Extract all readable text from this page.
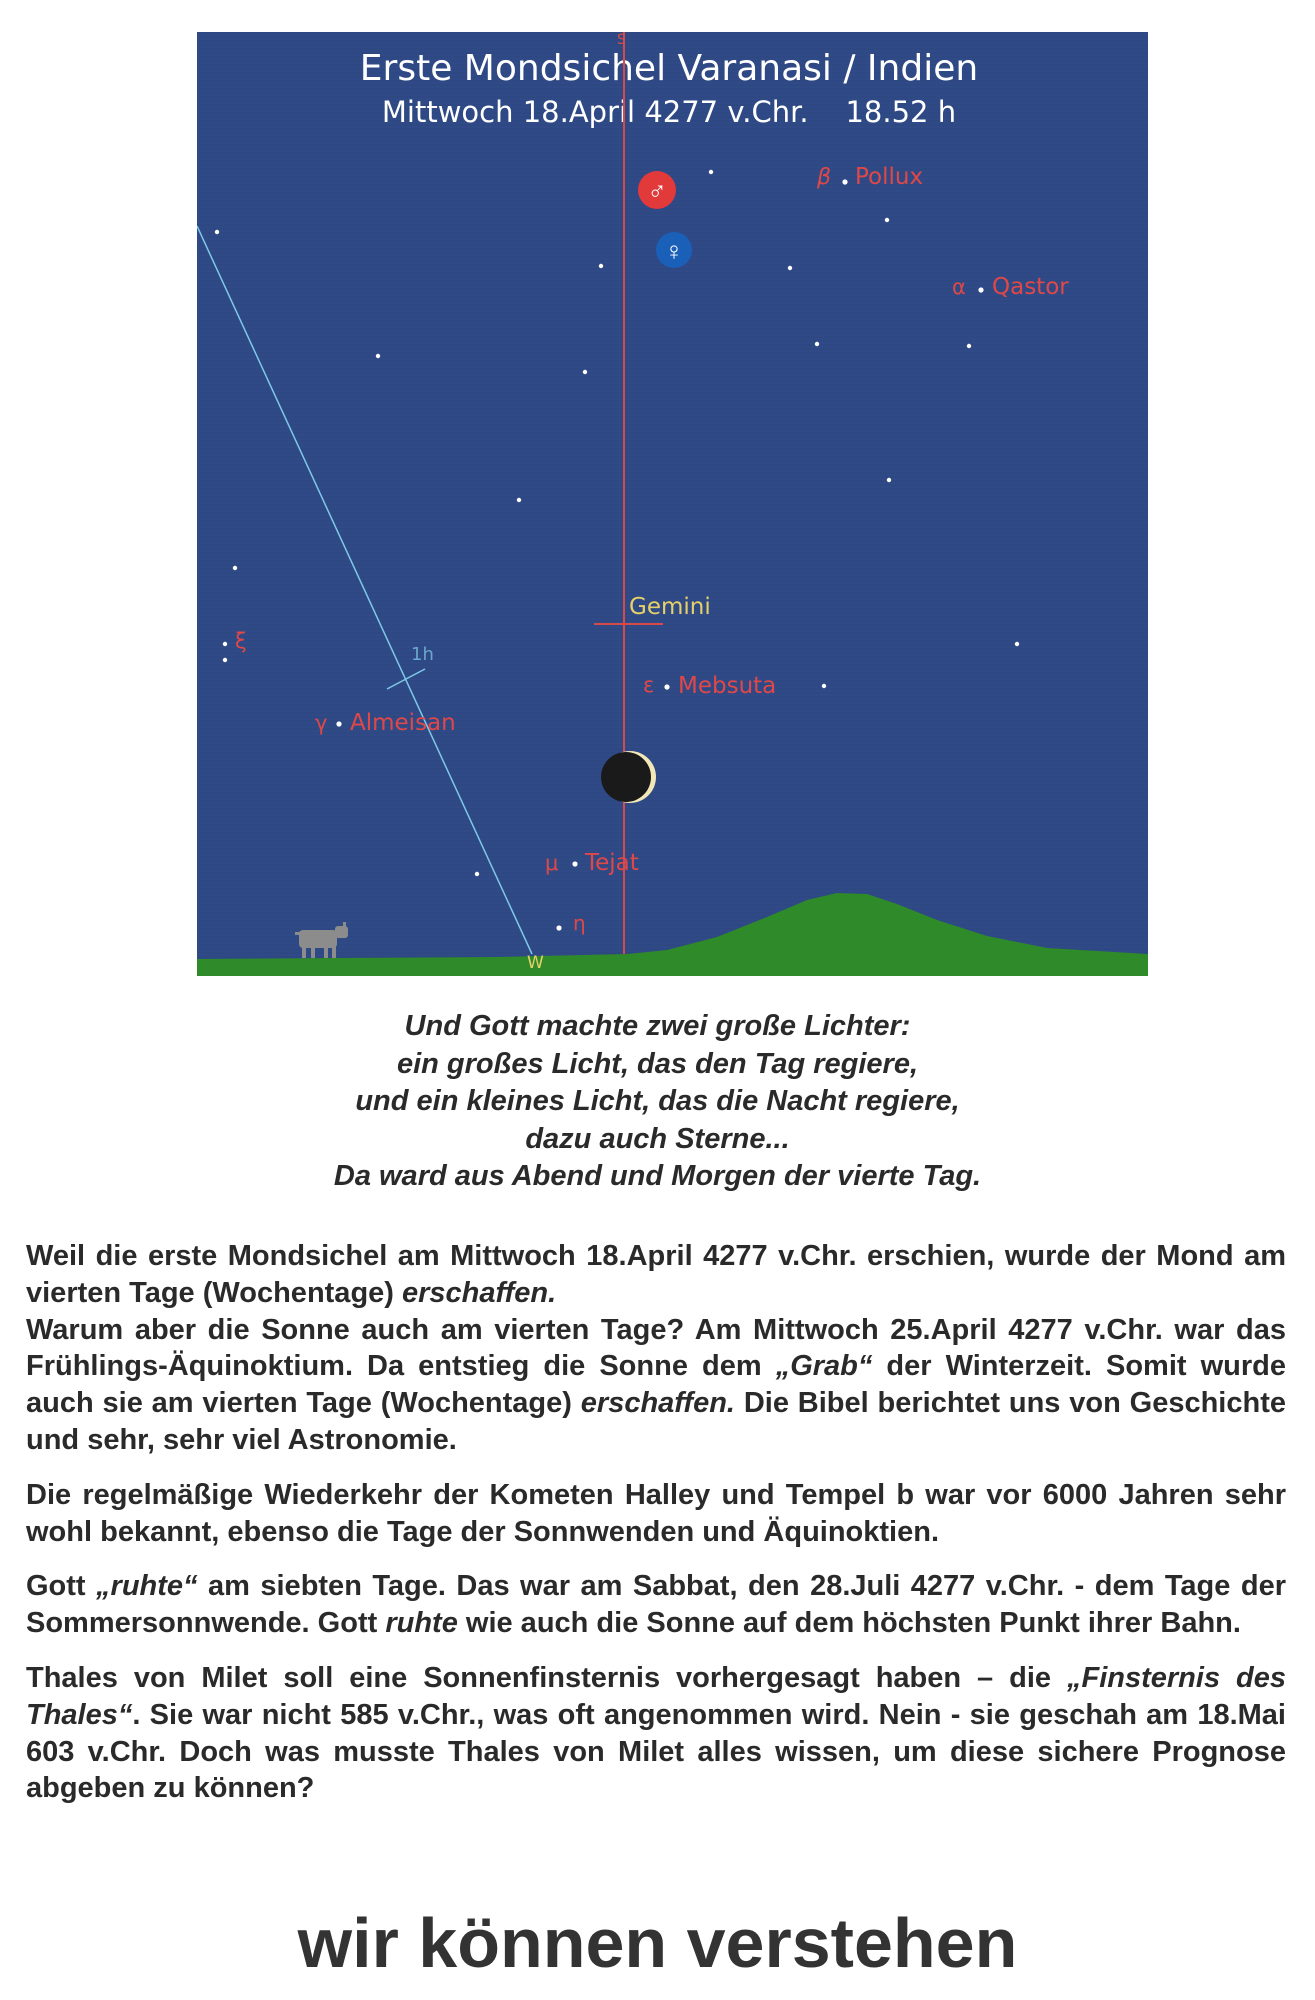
Erste Mondsichel Varanasi / Indien
Mittwoch 18.April 4277 v.Chr.    18.52 h
S
1h
Gemini
♂
♀
β Pollux
α Qastor
ε Mebsuta
ξ
γ Almeisan
μ Tejat
η
W
Und Gott machte zwei große Lichter:
ein großes Licht, das den Tag regiere,
und ein kleines Licht, das die Nacht regiere,
dazu auch Sterne...
Da ward aus Abend und Morgen der vierte Tag.

Weil die erste Mondsichel am Mittwoch 18.April 4277 v.Chr. erschien, wurde der Mond am vierten Tage (Wochentage) erschaffen.

Warum aber die Sonne auch am vierten Tage? Am Mittwoch 25.April 4277 v.Chr. war das Frühlings-Äquinoktium. Da entstieg die Sonne dem „Grab“ der Winterzeit. Somit wurde auch sie am vierten Tage (Wochentage) erschaffen. Die Bibel berichtet uns von Geschichte und sehr, sehr viel Astronomie.

Die regelmäßige Wiederkehr der Kometen Halley und Tempel b war vor 6000 Jahren sehr wohl bekannt, ebenso die Tage der Sonnwenden und Äquinoktien.

Gott „ruhte“ am siebten Tage. Das war am Sabbat, den 28.Juli 4277 v.Chr. - dem Tage der Sommersonnwende. Gott ruhte wie auch die Sonne auf dem höchsten Punkt ihrer Bahn.

Thales von Milet soll eine Sonnenfinsternis vorhergesagt haben – die „Finsternis des Thales“. Sie war nicht 585 v.Chr., was oft angenommen wird. Nein - sie geschah am 18.Mai 603 v.Chr. Doch was musste Thales von Milet alles wissen, um diese sichere Prognose abgeben zu können?

wir können verstehen
